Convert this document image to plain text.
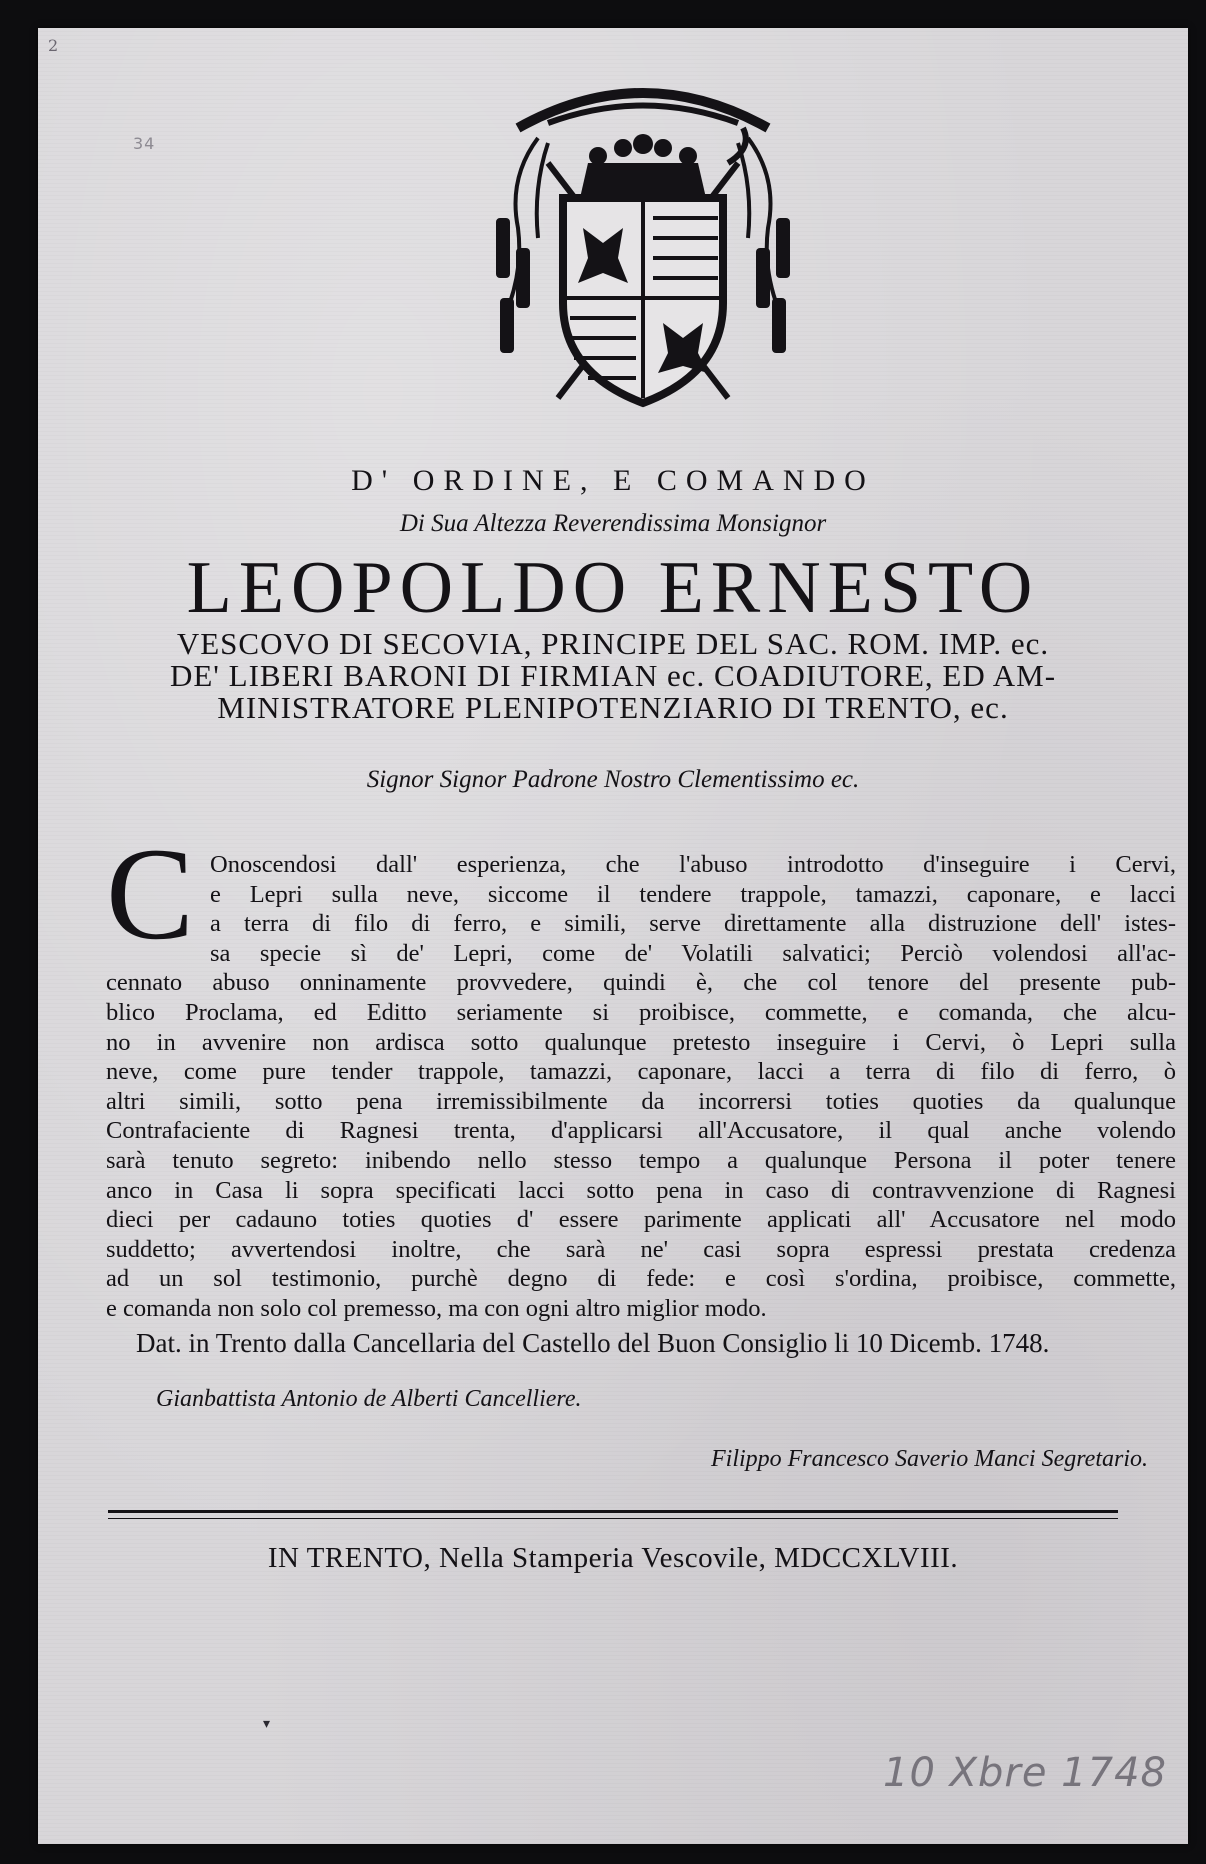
2
34
D' ORDINE, E COMANDO
Di Sua Altezza Reverendissima Monsignor
LEOPOLDO ERNESTO
VESCOVO DI SECOVIA, PRINCIPE DEL SAC. ROM. IMP. ec.
DE' LIBERI BARONI DI FIRMIAN ec. COADIUTORE, ED AM-
MINISTRATORE PLENIPOTENZIARIO DI TRENTO, ec.
Signor Signor Padrone Nostro Clementissimo ec.
C Onoscendosi dall' esperienza, che l'abuso introdotto d'inseguire i Cervi,
e Lepri sulla neve, siccome il tendere trappole, tamazzi, caponare, e lacci
a terra di filo di ferro, e simili, serve direttamente alla distruzione dell' istes-
sa specie sì de' Lepri, come de' Volatili salvatici; Perciò volendosi all'ac-
cennato abuso onninamente provvedere, quindi è, che col tenore del presente pub-
blico Proclama, ed Editto seriamente si proibisce, commette, e comanda, che alcu-
no in avvenire non ardisca sotto qualunque pretesto inseguire i Cervi, ò Lepri sulla
neve, come pure tender trappole, tamazzi, caponare, lacci a terra di filo di ferro, ò
altri simili, sotto pena irremissibilmente da incorrersi toties quoties da qualunque
Contrafaciente di Ragnesi trenta, d'applicarsi all'Accusatore, il qual anche volendo
sarà tenuto segreto: inibendo nello stesso tempo a qualunque Persona il poter tenere
anco in Casa li sopra specificati lacci sotto pena in caso di contravvenzione di Ragnesi
dieci per cadauno toties quoties d' essere parimente applicati all' Accusatore nel modo
suddetto; avvertendosi inoltre, che sarà ne' casi sopra espressi prestata credenza
ad un sol testimonio, purchè degno di fede: e così s'ordina, proibisce, commette,
e comanda non solo col premesso, ma con ogni altro miglior modo.
Dat. in Trento dalla Cancellaria del Castello del Buon Consiglio li 10 Dicemb. 1748.
Gianbattista Antonio de Alberti Cancelliere.
Filippo Francesco Saverio Manci Segretario.
IN TRENTO, Nella Stamperia Vescovile, MDCCXLVIII.
▾
10 Xbre 1748
